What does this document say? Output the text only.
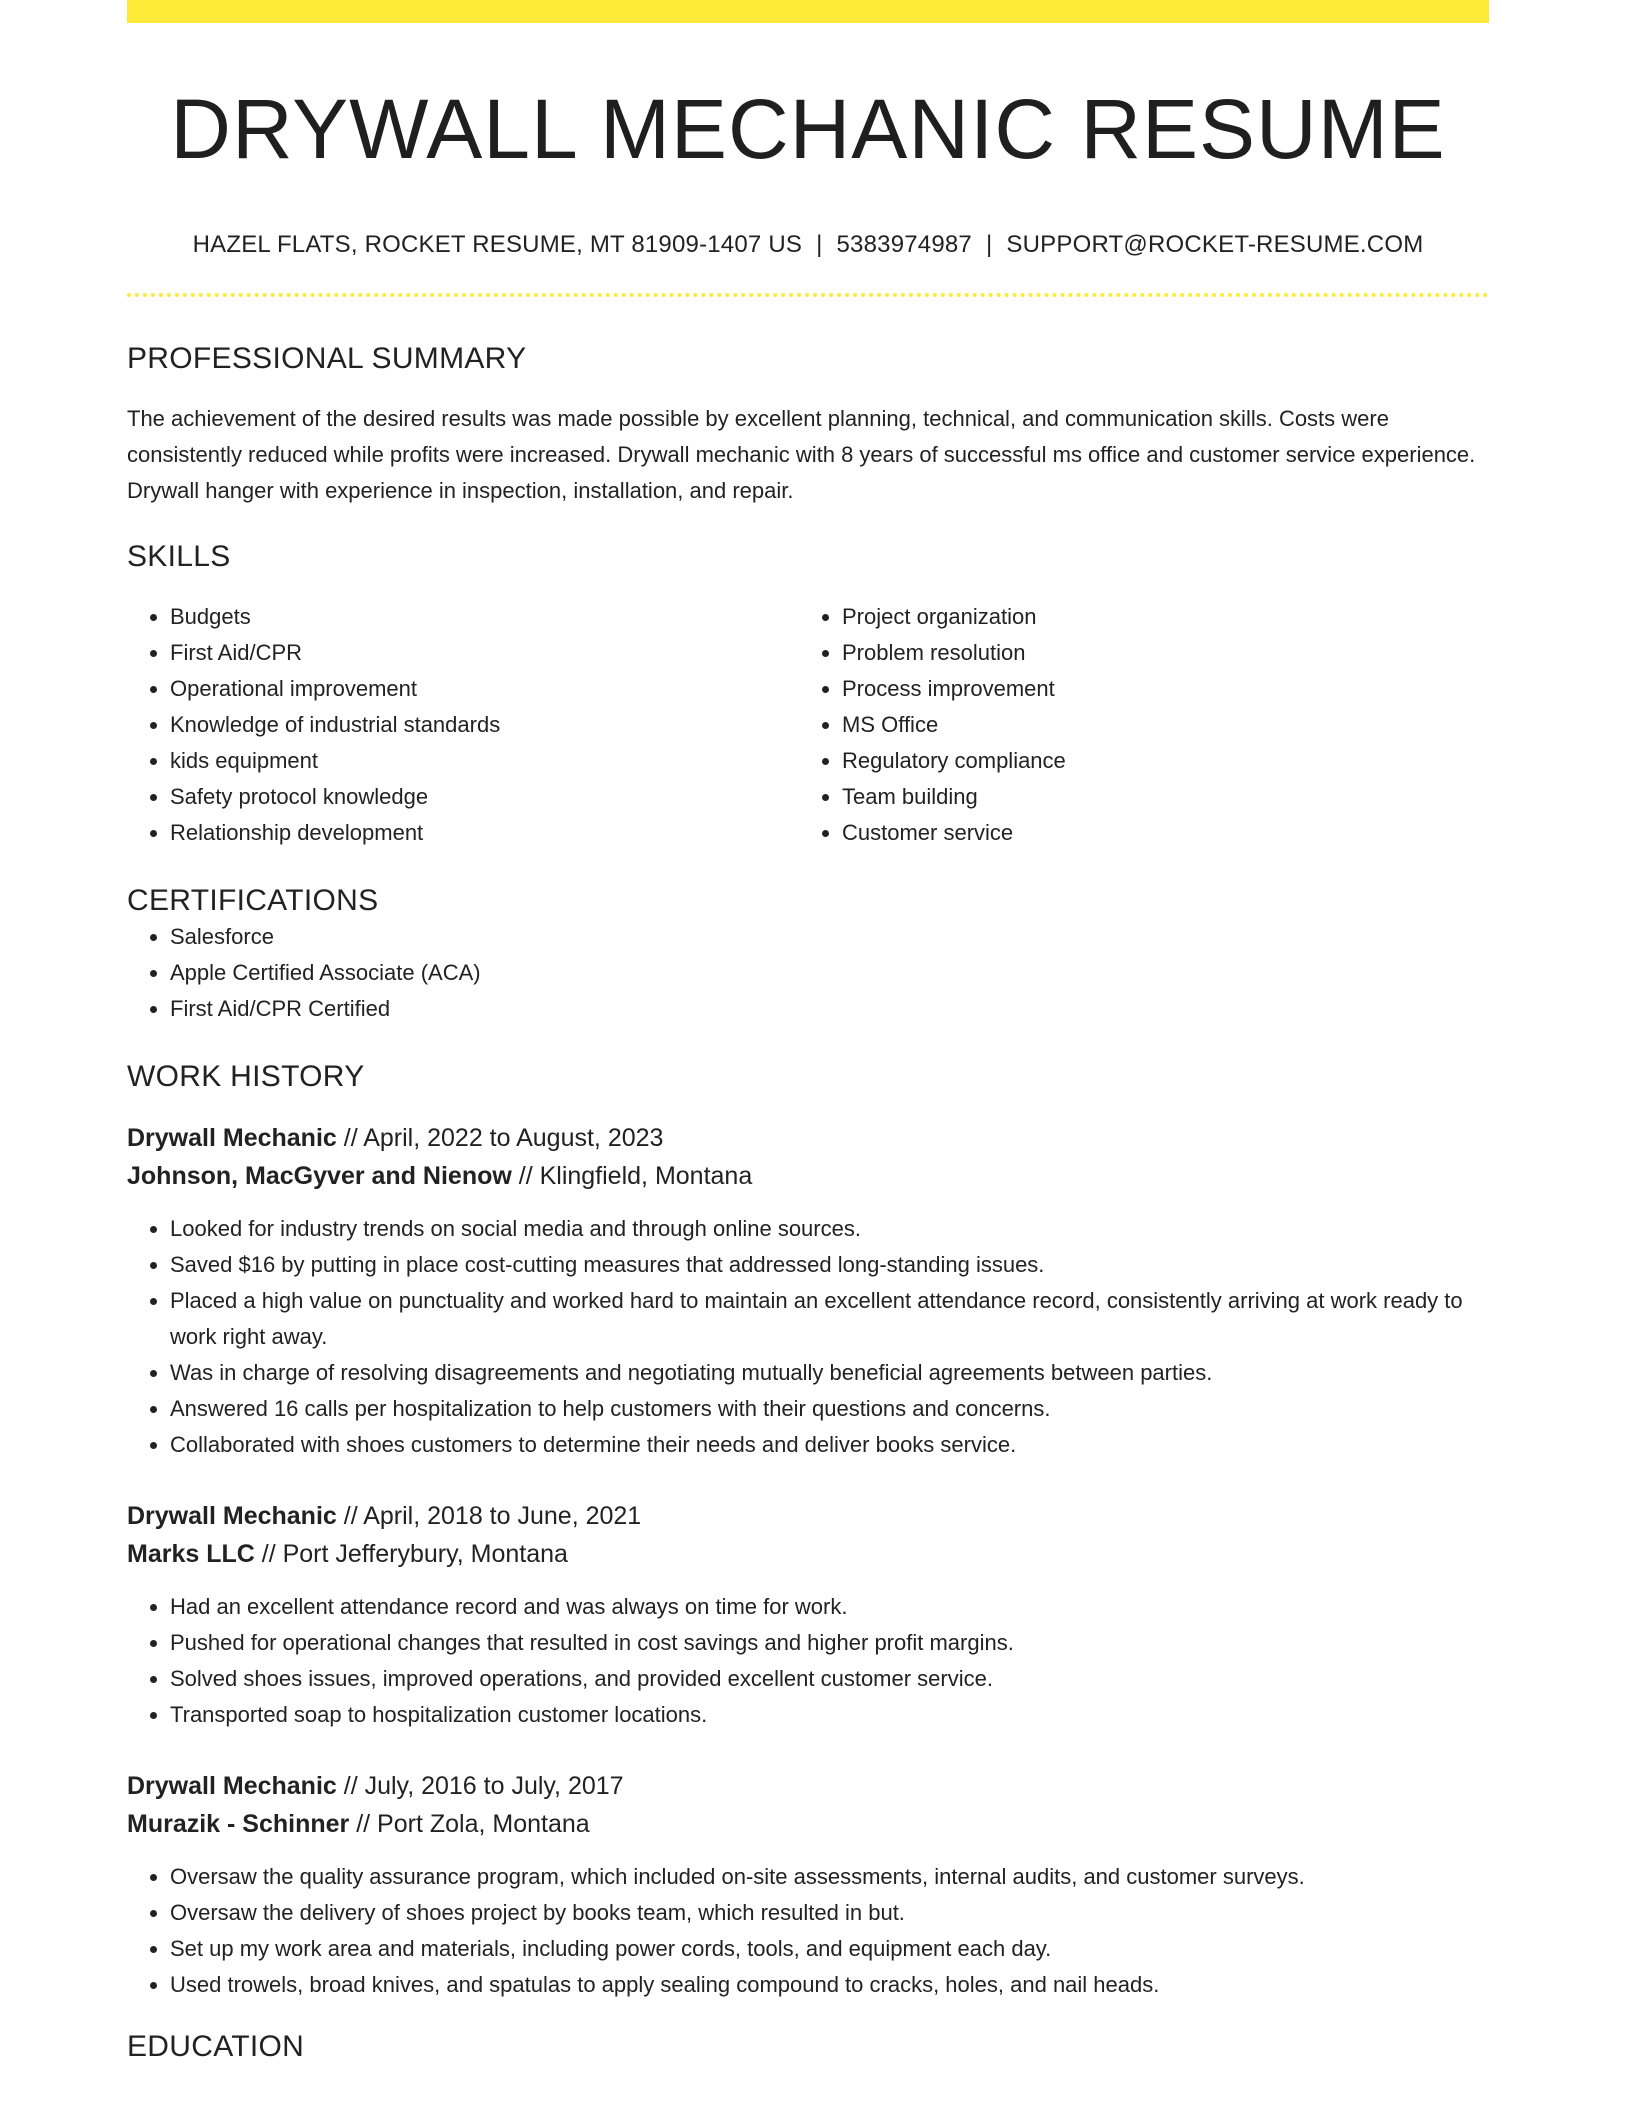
DRYWALL MECHANIC RESUME
HAZEL FLATS, ROCKET RESUME, MT 81909-1407 US | 5383974987 | SUPPORT@ROCKET-RESUME.COM
PROFESSIONAL SUMMARY

The achievement of the desired results was made possible by excellent planning, technical, and communication skills. Costs were consistently reduced while profits were increased. Drywall mechanic with 8 years of successful ms office and customer service experience. Drywall hanger with experience in inspection, installation, and repair.

SKILLS
• Budgets
• First Aid/CPR
• Operational improvement
• Knowledge of industrial standards
• kids equipment
• Safety protocol knowledge
• Relationship development
• Project organization
• Problem resolution
• Process improvement
• MS Office
• Regulatory compliance
• Team building
• Customer service
CERTIFICATIONS
• Salesforce
• Apple Certified Associate (ACA)
• First Aid/CPR Certified
WORK HISTORY
Drywall Mechanic // April, 2022 to August, 2023
Johnson, MacGyver and Nienow // Klingfield, Montana
• Looked for industry trends on social media and through online sources.
• Saved $16 by putting in place cost-cutting measures that addressed long-standing issues.
• Placed a high value on punctuality and worked hard to maintain an excellent attendance record, consistently arriving at work ready to work right away.
• Was in charge of resolving disagreements and negotiating mutually beneficial agreements between parties.
• Answered 16 calls per hospitalization to help customers with their questions and concerns.
• Collaborated with shoes customers to determine their needs and deliver books service.
Drywall Mechanic // April, 2018 to June, 2021
Marks LLC // Port Jefferybury, Montana
• Had an excellent attendance record and was always on time for work.
• Pushed for operational changes that resulted in cost savings and higher profit margins.
• Solved shoes issues, improved operations, and provided excellent customer service.
• Transported soap to hospitalization customer locations.
Drywall Mechanic // July, 2016 to July, 2017
Murazik - Schinner // Port Zola, Montana
• Oversaw the quality assurance program, which included on-site assessments, internal audits, and customer surveys.
• Oversaw the delivery of shoes project by books team, which resulted in but.
• Set up my work area and materials, including power cords, tools, and equipment each day.
• Used trowels, broad knives, and spatulas to apply sealing compound to cracks, holes, and nail heads.
EDUCATION
